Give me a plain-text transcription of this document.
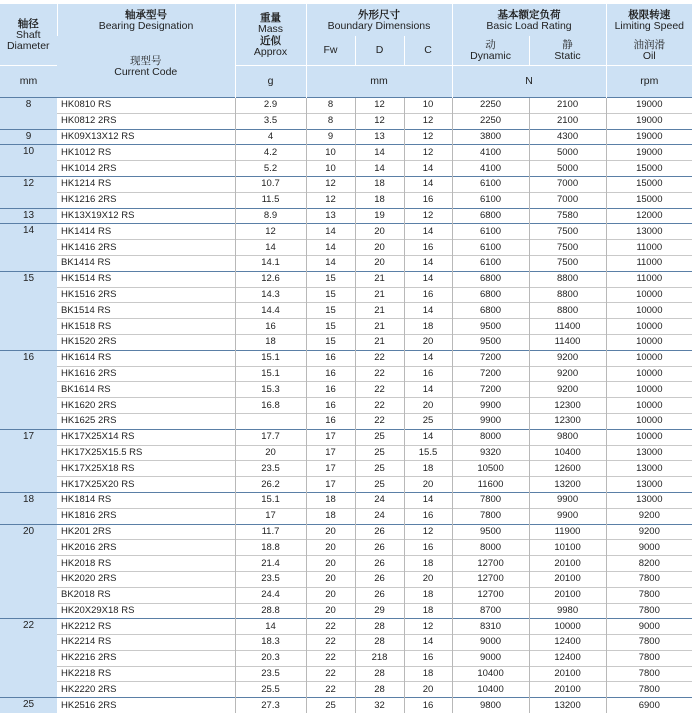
轴径
Shaft
Diameter	轴承型号
Bearing Designation	重量
Mass
近似
Approx	外形尺寸
Boundary Dimensions			基本额定负荷
Basic Load Rating		极限转速
Limiting Speed

	现型号
Current Code		Fw	D	C	动
Dynamic	静
Static	油润滑
Oil

mm		g	mm			N		rpm
8	HK0810 RS	2.9	8	12	10	2250	2100	19000
	HK0812 2RS	3.5	8	12	12	2250	2100	19000
9	HK09X13X12 RS	4	9	13	12	3800	4300	19000
10	HK1012 RS	4.2	10	14	12	4100	5000	19000
	HK1014 2RS	5.2	10	14	14	4100	5000	15000
12	HK1214 RS	10.7	12	18	14	6100	7000	15000
	HK1216 2RS	11.5	12	18	16	6100	7000	15000
13	HK13X19X12 RS	8.9	13	19	12	6800	7580	12000
14	HK1414 RS	12	14	20	14	6100	7500	13000
	HK1416 2RS	14	14	20	16	6100	7500	11000
	BK1414 RS	14.1	14	20	14	6100	7500	11000
15	HK1514 RS	12.6	15	21	14	6800	8800	11000
	HK1516 2RS	14.3	15	21	16	6800	8800	10000
	BK1514 RS	14.4	15	21	14	6800	8800	10000
	HK1518 RS	16	15	21	18	9500	11400	10000
	HK1520 2RS	18	15	21	20	9500	11400	10000
16	HK1614 RS	15.1	16	22	14	7200	9200	10000
	HK1616 2RS	15.1	16	22	16	7200	9200	10000
	BK1614 RS	15.3	16	22	14	7200	9200	10000
	HK1620 2RS	16.8	16	22	20	9900	12300	10000
	HK1625 2RS		16	22	25	9900	12300	10000
17	HK17X25X14 RS	17.7	17	25	14	8000	9800	10000
	HK17X25X15.5 RS	20	17	25	15.5	9320	10400	13000
	HK17X25X18 RS	23.5	17	25	18	10500	12600	13000
	HK17X25X20 RS	26.2	17	25	20	11600	13200	13000
18	HK1814 RS	15.1	18	24	14	7800	9900	13000
	HK1816 2RS	17	18	24	16	7800	9900	9200
20	HK201 2RS	11.7	20	26	12	9500	11900	9200
	HK2016 2RS	18.8	20	26	16	8000	10100	9000
	HK2018 RS	21.4	20	26	18	12700	20100	8200
	HK2020 2RS	23.5	20	26	20	12700	20100	7800
	BK2018 RS	24.4	20	26	18	12700	20100	7800
	HK20X29X18 RS	28.8	20	29	18	8700	9980	7800
22	HK2212 RS	14	22	28	12	8310	10000	9000
	HK2214 RS	18.3	22	28	14	9000	12400	7800
	HK2216 2RS	20.3	22	218	16	9000	12400	7800
	HK2218 RS	23.5	22	28	18	10400	20100	7800
	HK2220 2RS	25.5	22	28	20	10400	20100	7800
25	HK2516 2RS	27.3	25	32	16	9800	13200	6900
